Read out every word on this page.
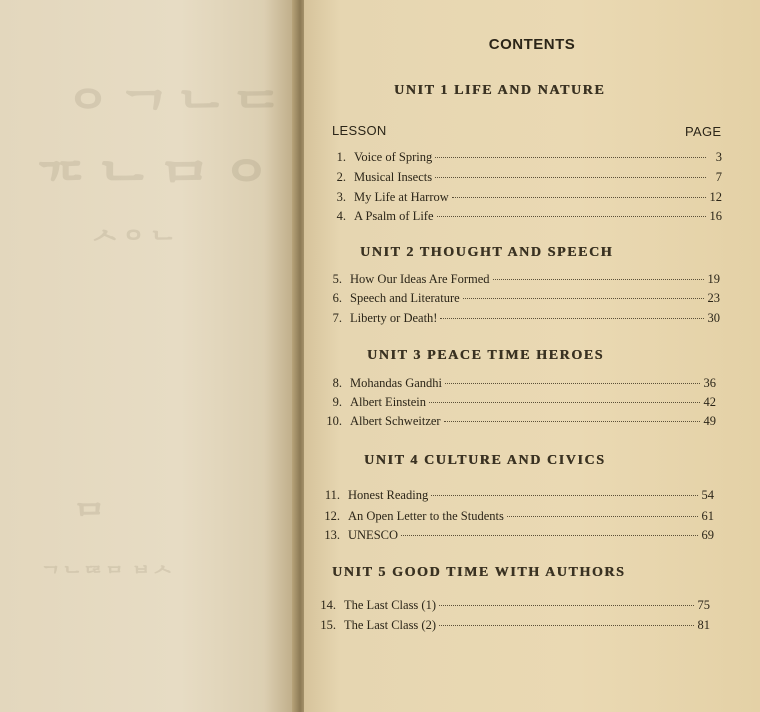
ᄋᄀᄂᄃ
ᄀᄃᄂᄆᄋ
ᄉᄋᄂ
ᄆ
ᄀᄂᄃᄅᄆ ᄇᄉ
CONTENTS
LESSON	PAGE
UNIT 1 LIFE AND NATURE
1. Voice of Spring	3
2. Musical Insects	7
3. My Life at Harrow	12
4. A Psalm of Life	16
UNIT 2 THOUGHT AND SPEECH
5. How Our Ideas Are Formed	19
6. Speech and Literature	23
7. Liberty or Death!	30
UNIT 3 PEACE TIME HEROES
8. Mohandas Gandhi	36
9. Albert Einstein	42
10. Albert Schweitzer	49
UNIT 4 CULTURE AND CIVICS
11. Honest Reading	54
12. An Open Letter to the Students	61
13. UNESCO	69
UNIT 5 GOOD TIME WITH AUTHORS
14. The Last Class (1)	75
15. The Last Class (2)	81
